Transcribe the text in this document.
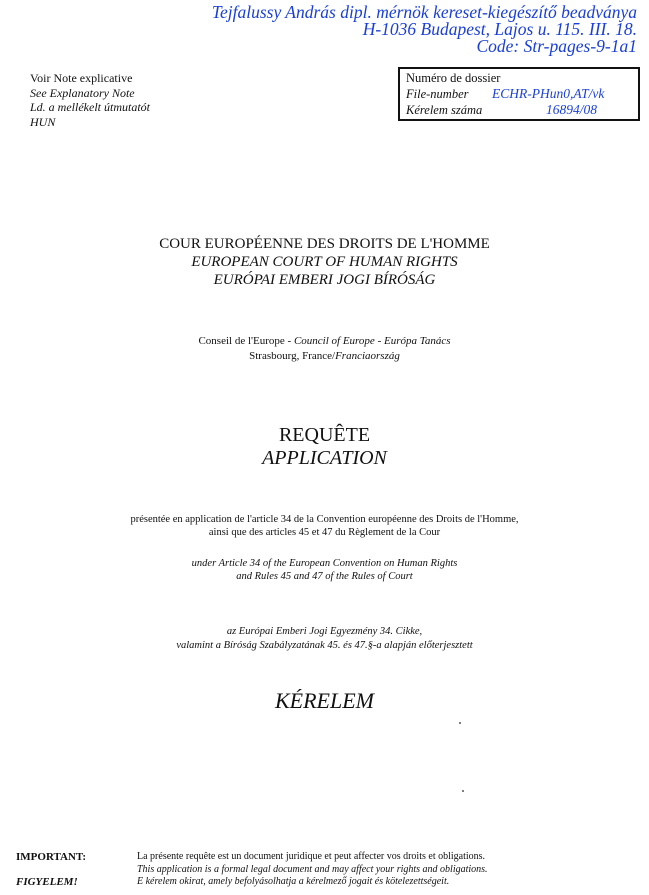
Tejfalussy András dipl. mérnök kereset-kiegészítő beadványa
H-1036 Budapest, Lajos u. 115. III. 18.
Code: Str-pages-9-1a1
Voir Note explicative
See Explanatory Note
Ld. a mellékelt útmutatót
HUN
Numéro de dossier
File-number ECHR-PHun0,AT/vk
Kérelem száma	16894/08
COUR EUROPÉENNE DES DROITS DE L'HOMME
EUROPEAN COURT OF HUMAN RIGHTS
EURÓPAI EMBERI JOGI BÍRÓSÁG
Conseil de l'Europe - Council of Europe - Európa Tanács
Strasbourg, France/Franciaország
REQUÊTE
APPLICATION
présentée en application de l'article 34 de la Convention européenne des Droits de l'Homme,
ainsi que des articles 45 et 47 du Règlement de la Cour
under Article 34 of the European Convention on Human Rights
and Rules 45 and 47 of the Rules of Court
az Európai Emberi Jogi Egyezmény 34. Cikke,
valamint a Bíróság Szabályzatának 45. és 47.§-a alapján előterjesztett
KÉRELEM
IMPORTANT:
FIGYELEM!
La présente requête est un document juridique et peut affecter vos droits et obligations.
This application is a formal legal document and may affect your rights and obligations.
E kérelem okirat, amely befolyásolhatja a kérelmező jogait és kötelezettségeit.
